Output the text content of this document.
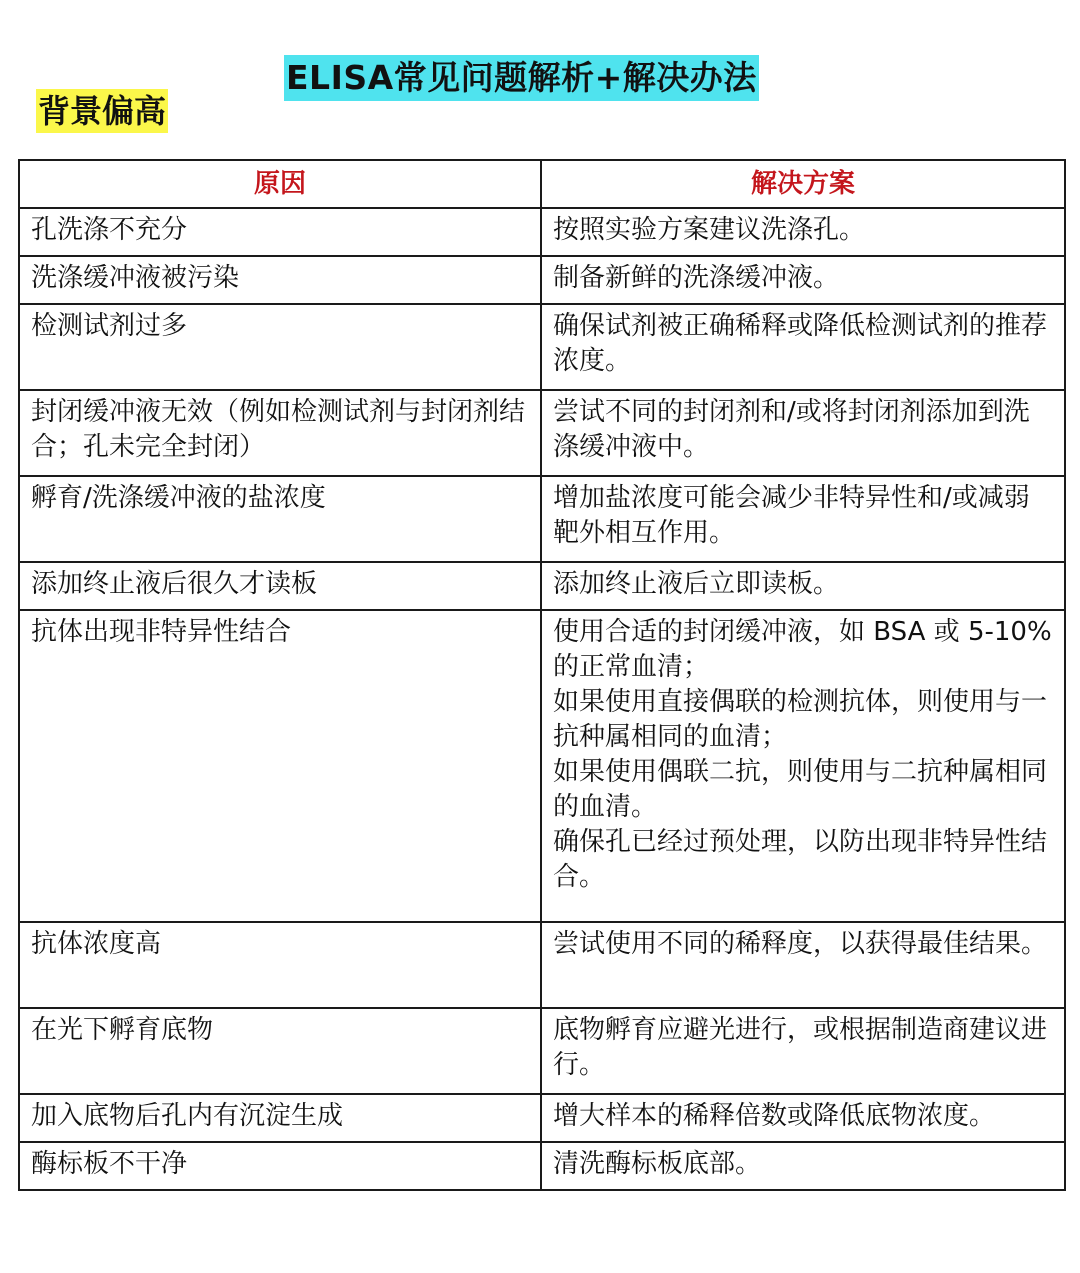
ELISA常见问题解析+解决办法
背景偏高
原因	解决方案
孔洗涤不充分	按照实验方案建议洗涤孔。

洗涤缓冲液被污染	制备新鲜的洗涤缓冲液。

检测试剂过多	确保试剂被正确稀释或降低检测试剂的推荐浓度。

封闭缓冲液无效（例如检测试剂与封闭剂结合；孔未完全封闭）	尝试不同的封闭剂和/或将封闭剂添加到洗涤缓冲液中。

孵育/洗涤缓冲液的盐浓度	增加盐浓度可能会减少非特异性和/或减弱靶外相互作用。

添加终止液后很久才读板	添加终止液后立即读板。

抗体出现非特异性结合	使用合适的封闭缓冲液，如 BSA 或 5-10% 的正常血清；
如果使用直接偶联的检测抗体，则使用与一抗种属相同的血清；
如果使用偶联二抗，则使用与二抗种属相同的血清。
确保孔已经过预处理，以防出现非特异性结合。

抗体浓度高	尝试使用不同的稀释度，以获得最佳结果。

在光下孵育底物	底物孵育应避光进行，或根据制造商建议进行。

加入底物后孔内有沉淀生成	增大样本的稀释倍数或降低底物浓度。

酶标板不干净	清洗酶标板底部。
